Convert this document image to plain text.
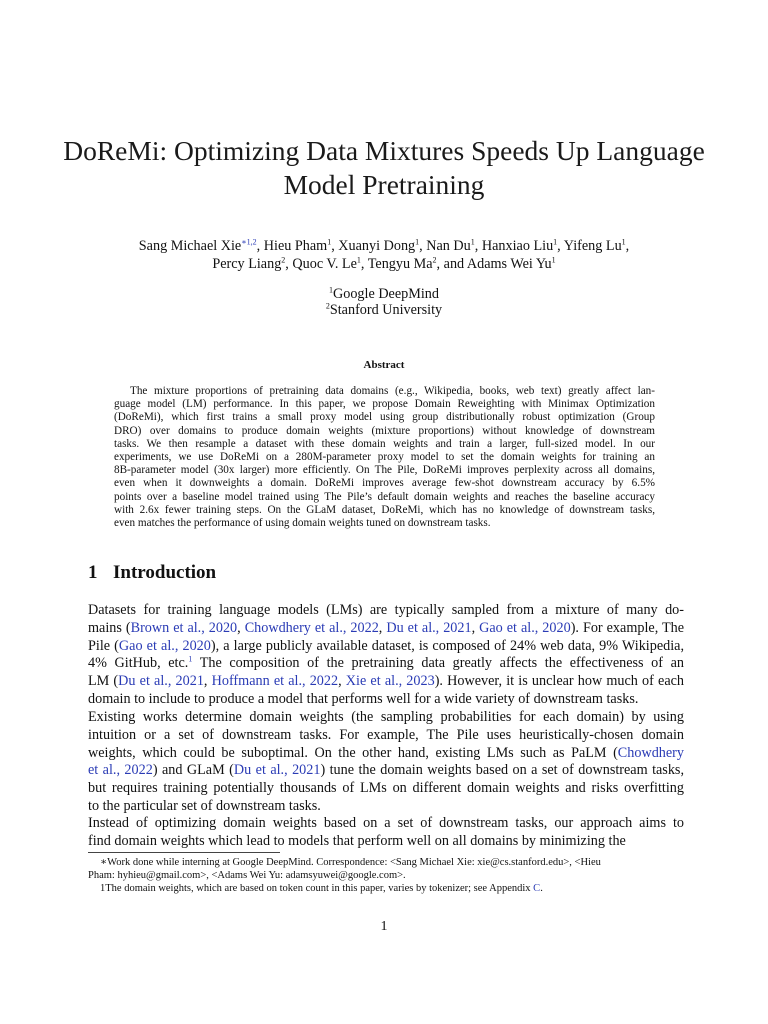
DoReMi: Optimizing Data Mixtures Speeds Up Language
Model Pretraining
Sang Michael Xie$^{∗1,2}$, Hieu Pham$^1$, Xuanyi Dong$^1$, Nan Du$^1$, Hanxiao Liu$^1$, Yifeng Lu$^1$,
Percy Liang$^2$, Quoc V. Le$^1$, Tengyu Ma$^2$, and Adams Wei Yu$^1$
$^1$Google DeepMind
$^2$Stanford University
Abstract
The mixture proportions of pretraining data domains (e.g., Wikipedia, books, web text) greatly affect lan-
guage model (LM) performance. In this paper, we propose Domain Reweighting with Minimax Optimization
(DoReMi), which first trains a small proxy model using group distributionally robust optimization (Group
DRO) over domains to produce domain weights (mixture proportions) without knowledge of downstream
tasks. We then resample a dataset with these domain weights and train a larger, full-sized model. In our
experiments, we use DoReMi on a 280M-parameter proxy model to set the domain weights for training an
8B-parameter model (30x larger) more efficiently. On The Pile, DoReMi improves perplexity across all domains,
even when it downweights a domain. DoReMi improves average few-shot downstream accuracy by 6.5%
points over a baseline model trained using The Pile’s default domain weights and reaches the baseline accuracy
with 2.6x fewer training steps. On the GLaM dataset, DoReMi, which has no knowledge of downstream tasks,
even matches the performance of using domain weights tuned on downstream tasks.
1 Introduction
Datasets for training language models (LMs) are typically sampled from a mixture of many do-
mains (Brown et al., 2020, Chowdhery et al., 2022, Du et al., 2021, Gao et al., 2020). For example, The
Pile (Gao et al., 2020), a large publicly available dataset, is composed of 24% web data, 9% Wikipedia,
4% GitHub, etc.$^1$ The composition of the pretraining data greatly affects the effectiveness of an
LM (Du et al., 2021, Hoffmann et al., 2022, Xie et al., 2023). However, it is unclear how much of each
domain to include to produce a model that performs well for a wide variety of downstream tasks.
Existing works determine domain weights (the sampling probabilities for each domain) by using
intuition or a set of downstream tasks. For example, The Pile uses heuristically-chosen domain
weights, which could be suboptimal. On the other hand, existing LMs such as PaLM (Chowdhery
et al., 2022) and GLaM (Du et al., 2021) tune the domain weights based on a set of downstream tasks,
but requires training potentially thousands of LMs on different domain weights and risks overfitting
to the particular set of downstream tasks.
Instead of optimizing domain weights based on a set of downstream tasks, our approach aims to
find domain weights which lead to models that perform well on all domains by minimizing the
∗Work done while interning at Google DeepMind. Correspondence: <Sang Michael Xie: xie@cs.stanford.edu>, <Hieu
Pham: hyhieu@gmail.com>, <Adams Wei Yu: adamsyuwei@google.com>.
1The domain weights, which are based on token count in this paper, varies by tokenizer; see Appendix C.
1
